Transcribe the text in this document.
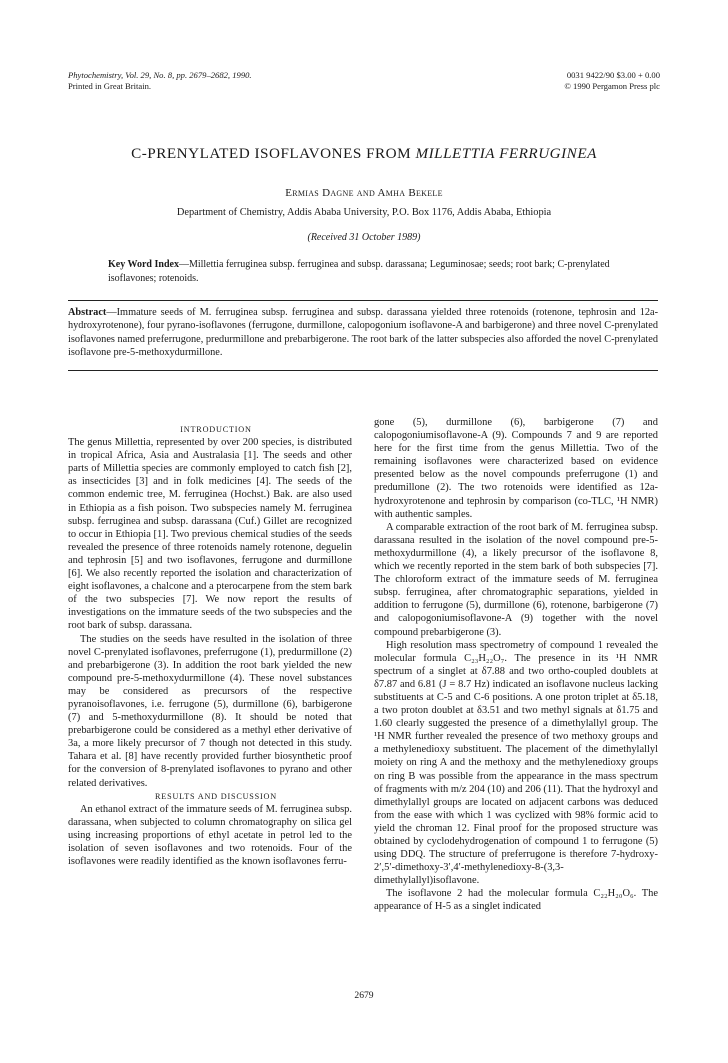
Phytochemistry, Vol. 29, No. 8, pp. 2679–2682, 1990.
Printed in Great Britain.
0031 9422/90 $3.00 + 0.00
© 1990 Pergamon Press plc
C-PRENYLATED ISOFLAVONES FROM MILLETTIA FERRUGINEA
Ermias Dagne and Amha Bekele
Department of Chemistry, Addis Ababa University, P.O. Box 1176, Addis Ababa, Ethiopia
(Received 31 October 1989)
Key Word Index—Millettia ferruginea subsp. ferruginea and subsp. darassana; Leguminosae; seeds; root bark; C-prenylated isoflavones; rotenoids.
Abstract—Immature seeds of M. ferruginea subsp. ferruginea and subsp. darassana yielded three rotenoids (rotenone, tephrosin and 12a-hydroxyrotenone), four pyrano-isoflavones (ferrugone, durmillone, calopogonium isoflavone-A and barbigerone) and three novel C-prenylated isoflavones named preferrugone, predurmillone and prebarbigerone. The root bark of the latter subspecies also afforded the novel C-prenylated isoflavone pre-5-methoxydurmillone.

INTRODUCTION

The genus Millettia, represented by over 200 species, is distributed in tropical Africa, Asia and Australasia [1]. The seeds and other parts of Millettia species are commonly employed to catch fish [2], as insecticides [3] and in folk medicines [4]. The seeds of the common endemic tree, M. ferruginea (Hochst.) Bak. are also used in Ethiopia as a fish poison. Two subspecies namely M. ferruginea subsp. ferruginea and subsp. darassana (Cuf.) Gillet are recognized to occur in Ethiopia [1]. Two previous chemical studies of the seeds revealed the presence of three rotenoids namely rotenone, deguelin and tephrosin [5] and two isoflavones, ferrugone and durmillone [6]. We also recently reported the isolation and characterization of eight isoflavones, a chalcone and a pterocarpene from the stem bark of the two subspecies [7]. We now report the results of investigations on the immature seeds of the two subspecies and the root bark of subsp. darassana.

The studies on the seeds have resulted in the isolation of three novel C-prenylated isoflavones, preferrugone (1), predurmillone (2) and prebarbigerone (3). In addition the root bark yielded the new compound pre-5-methoxydurmillone (4). These novel substances may be considered as precursors of the respective pyranoisoflavones, i.e. ferrugone (5), durmillone (6), barbigerone (7) and 5-methoxydurmillone (8). It should be noted that prebarbigerone could be considered as a methyl ether derivative of 3a, a more likely precursor of 7 though not detected in this study. Tahara et al. [8] have recently provided further biosynthetic proof for the conversion of 8-prenylated isoflavones to pyrano and other related derivatives.

RESULTS AND DISCUSSION

An ethanol extract of the immature seeds of M. ferruginea subsp. darassana, when subjected to column chromatography on silica gel using increasing proportions of ethyl acetate in petrol led to the isolation of seven isoflavones and two rotenoids. Four of the isoflavones were readily identified as the known isoflavones ferru-

gone (5), durmillone (6), barbigerone (7) and calopogoniumisoflavone-A (9). Compounds 7 and 9 are reported here for the first time from the genus Millettia. Two of the remaining isoflavones were characterized based on evidence presented below as the novel compounds preferrugone (1) and predumillone (2). The two rotenoids were identified as 12a-hydroxyrotenone and tephrosin by comparison (co-TLC, ¹H NMR) with authentic samples.

A comparable extraction of the root bark of M. ferruginea subsp. darassana resulted in the isolation of the novel compound pre-5-methoxydurmillone (4), a likely precursor of the isoflavone 8, which we recently reported in the stem bark of both subspecies [7]. The chloroform extract of the immature seeds of M. ferruginea subsp. ferruginea, after chromatographic separations, yielded in addition to ferrugone (5), durmillone (6), rotenone, barbigerone (7) and calopogoniumisoflavone-A (9) together with the novel compound prebarbigerone (3).

High resolution mass spectrometry of compound 1 revealed the molecular formula C₂₃H₂₂O₇. The presence in its ¹H NMR spectrum of a singlet at δ7.88 and two ortho-coupled doublets at δ7.87 and 6.81 (J = 8.7 Hz) indicated an isoflavone nucleus lacking substituents at C-5 and C-6 positions. A one proton triplet at δ5.18, a two proton doublet at δ3.51 and two methyl signals at δ1.75 and 1.60 clearly suggested the presence of a dimethylallyl group. The ¹H NMR further revealed the presence of two methoxy groups and a methylenedioxy substituent. The placement of the dimethylallyl moiety on ring A and the methoxy and the methylenedioxy groups on ring B was possible from the appearance in the mass spectrum of fragments with m/z 204 (10) and 206 (11). That the hydroxyl and dimethylallyl groups are located on adjacent carbons was deduced from the ease with which 1 was cyclized with 98% formic acid to yield the chroman 12. Final proof for the proposed structure was obtained by cyclodehydrogenation of compound 1 to ferrugone (5) using DDQ. The structure of preferrugone is therefore 7-hydroxy-2′,5′-dimethoxy-3′,4′-methylenedioxy-8-(3,3-dimethylallyl)isoflavone.

The isoflavone 2 had the molecular formula C₂₂H₂₀O₆. The appearance of H-5 as a singlet indicated

2679
